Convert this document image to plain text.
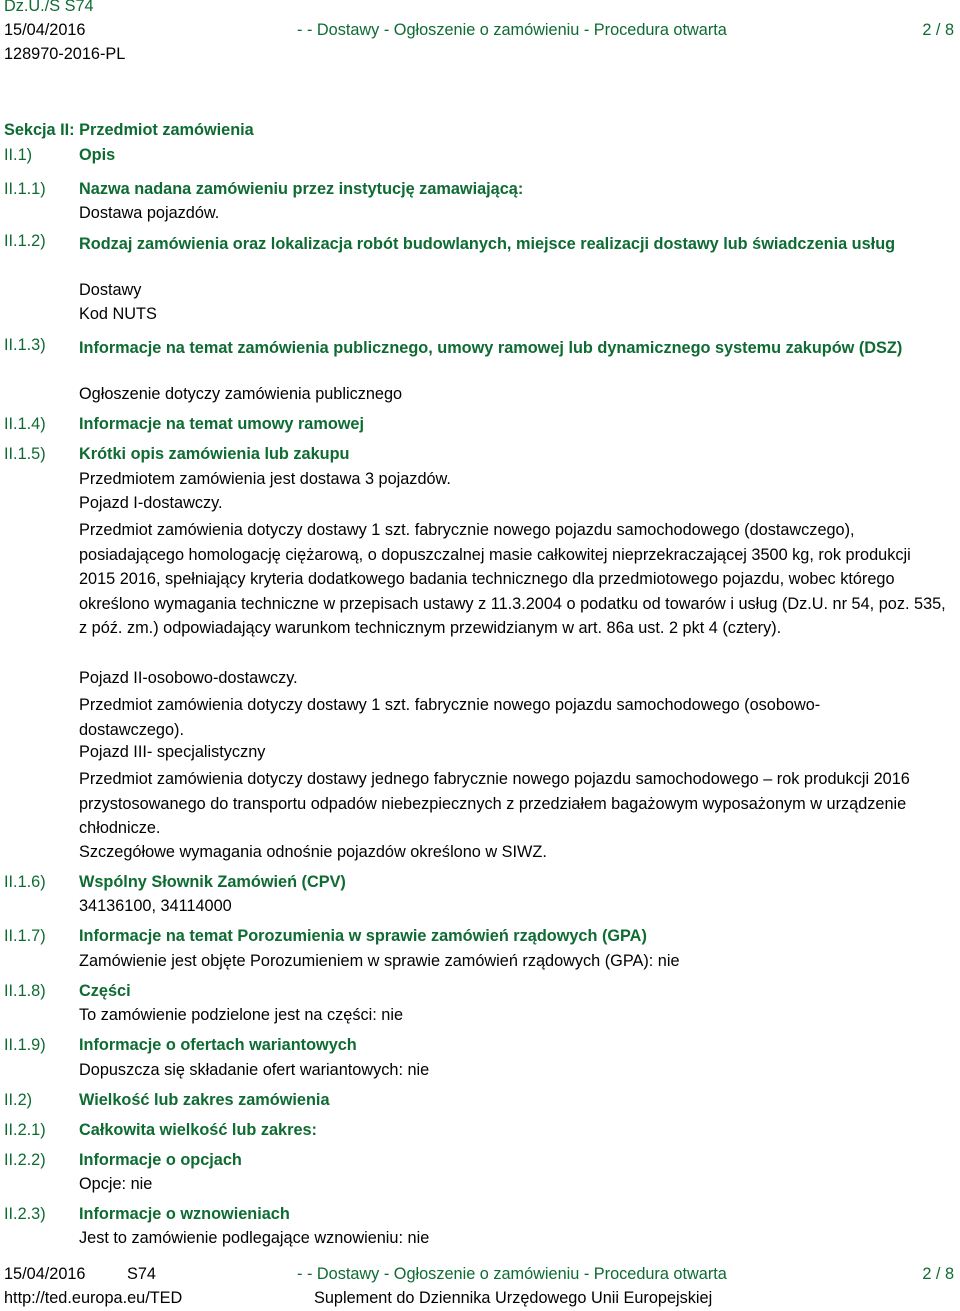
Dz.U./S S74
15/04/2016
128970-2016-PL
- - Dostawy - Ogłoszenie o zamówieniu - Procedura otwarta	2 / 8
Sekcja II: Przedmiot zamówienia
II.1)	Opis
II.1.1) Nazwa nadana zamówieniu przez instytucję zamawiającą:
Dostawa pojazdów.
II.1.2) Rodzaj zamówienia oraz lokalizacja robót budowlanych, miejsce realizacji dostawy lub świadczenia usług
Dostawy
Kod NUTS
II.1.3) Informacje na temat zamówienia publicznego, umowy ramowej lub dynamicznego systemu zakupów (DSZ)
Ogłoszenie dotyczy zamówienia publicznego
II.1.4) Informacje na temat umowy ramowej
II.1.5) Krótki opis zamówienia lub zakupu
Przedmiotem zamówienia jest dostawa 3 pojazdów.
Pojazd I-dostawczy.
Przedmiot zamówienia dotyczy dostawy 1 szt. fabrycznie nowego pojazdu samochodowego (dostawczego), posiadającego homologację ciężarową, o dopuszczalnej masie całkowitej nieprzekraczającej 3500 kg, rok produkcji 2015 2016, spełniający kryteria dodatkowego badania technicznego dla przedmiotowego pojazdu, wobec którego określono wymagania techniczne w przepisach ustawy z 11.3.2004 o podatku od towarów i usług (Dz.U. nr 54, poz. 535, z póź. zm.) odpowiadający warunkom technicznym przewidzianym w art. 86a ust. 2 pkt 4 (cztery).
Pojazd II-osobowo-dostawczy.
Przedmiot zamówienia dotyczy dostawy 1 szt. fabrycznie nowego pojazdu samochodowego (osobowo-dostawczego).
Pojazd III- specjalistyczny
Przedmiot zamówienia dotyczy dostawy jednego fabrycznie nowego pojazdu samochodowego – rok produkcji 2016 przystosowanego do transportu odpadów niebezpiecznych z przedziałem bagażowym wyposażonym w urządzenie chłodnicze.
Szczegółowe wymagania odnośnie pojazdów określono w SIWZ.
II.1.6) Wspólny Słownik Zamówień (CPV)
34136100, 34114000
II.1.7) Informacje na temat Porozumienia w sprawie zamówień rządowych (GPA)
Zamówienie jest objęte Porozumieniem w sprawie zamówień rządowych (GPA): nie
II.1.8) Części
To zamówienie podzielone jest na części: nie
II.1.9) Informacje o ofertach wariantowych
Dopuszcza się składanie ofert wariantowych: nie
II.2)	Wielkość lub zakres zamówienia
II.2.1) Całkowita wielkość lub zakres:
II.2.2) Informacje o opcjach
Opcje: nie
II.2.3) Informacje o wznowieniach
Jest to zamówienie podlegające wznowieniu: nie
15/04/2016	S74
http://ted.europa.eu/TED
- - Dostawy - Ogłoszenie o zamówieniu - Procedura otwarta
Suplement do Dziennika Urzędowego Unii Europejskiej
2 / 8
